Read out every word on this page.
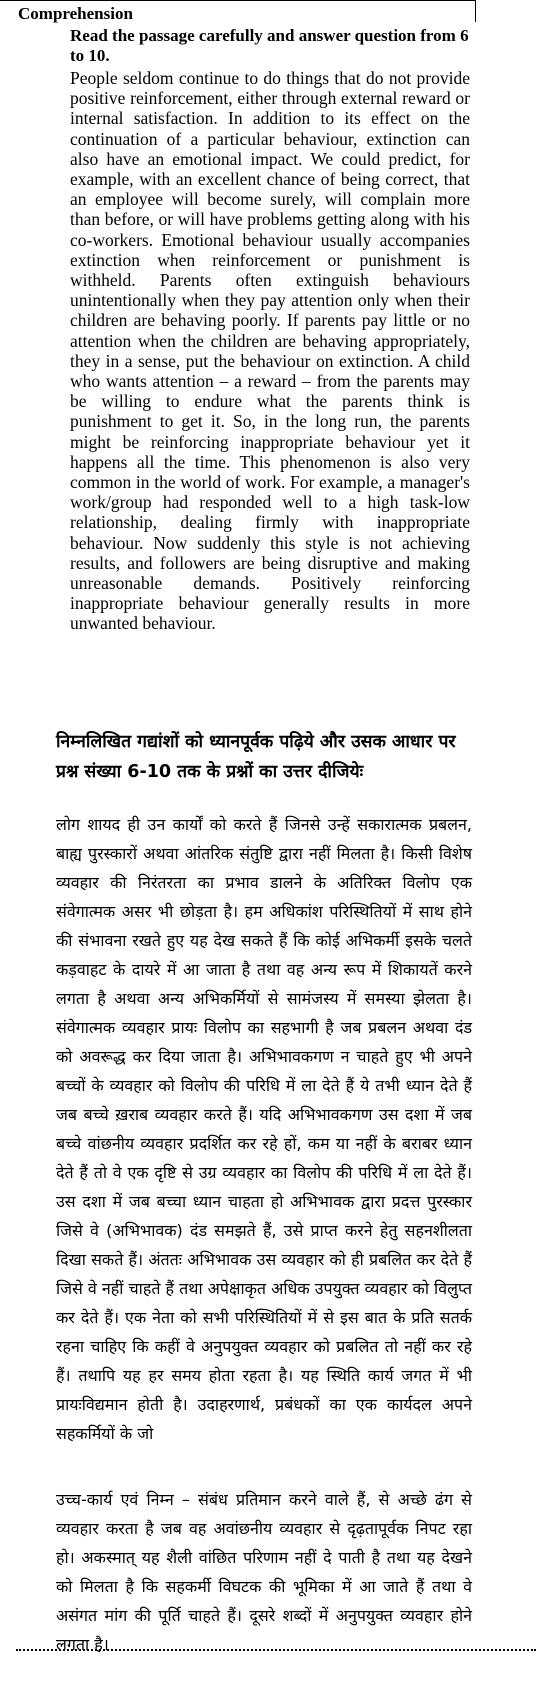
Comprehension

Read the passage carefully and answer question from 6 to 10.

People seldom continue to do things that do not provide positive reinforcement, either through external reward or internal satisfaction. In addition to its effect on the continuation of a particular behaviour, extinction can also have an emotional impact. We could predict, for example, with an excellent chance of being correct, that an employee will become surely, will complain more than before, or will have problems getting along with his co-workers. Emotional behaviour usually accompanies extinction when reinforcement or punishment is withheld. Parents often extinguish behaviours unintentionally when they pay attention only when their children are behaving poorly. If parents pay little or no attention when the children are behaving appropriately, they in a sense, put the behaviour on extinction. A child who wants attention – a reward – from the parents may be willing to endure what the parents think is punishment to get it. So, in the long run, the parents might be reinforcing inappropriate behaviour yet it happens all the time. This phenomenon is also very common in the world of work. For example, a manager's work/group had responded well to a high task-low relationship, dealing firmly with inappropriate behaviour. Now suddenly this style is not achieving results, and followers are being disruptive and making unreasonable demands. Positively reinforcing inappropriate behaviour generally results in more unwanted behaviour.

निम्नलिखित गद्यांशों को ध्यानपूर्वक पढ़िये और उसक आधार पर प्रश्न संख्या 6-10 तक के प्रश्नों का उत्तर दीजियेः

लोग शायद ही उन कार्यों को करते हैं जिनसे उन्हें सकारात्मक प्रबलन, बाह्य पुरस्कारों अथवा आंतरिक संतुष्टि द्वारा नहीं मिलता है। किसी विशेष व्यवहार की निरंतरता का प्रभाव डालने के अतिरिक्त विलोप एक संवेगात्मक असर भी छोड़ता है। हम अधिकांश परिस्थितियों में साथ होने की संभावना रखते हुए यह देख सकते हैं कि कोई अभिकर्मी इसके चलते कड़वाहट के दायरे में आ जाता है तथा वह अन्य रूप में शिकायतें करने लगता है अथवा अन्य अभिकर्मियों से सामंजस्य में समस्या झेलता है। संवेगात्मक व्यवहार प्रायः विलोप का सहभागी है जब प्रबलन अथवा दंड को अवरूद्ध कर दिया जाता है। अभिभावकगण न चाहते हुए भी अपने बच्चों के व्यवहार को विलोप की परिधि में ला देते हैं ये तभी ध्यान देते हैं जब बच्चे ख़राब व्यवहार करते हैं। यदि अभिभावकगण उस दशा में जब बच्चे वांछनीय व्यवहार प्रदर्शित कर रहे हों, कम या नहीं के बराबर ध्यान देते हैं तो वे एक दृष्टि से उग्र व्यवहार का विलोप की परिधि में ला देते हैं। उस दशा में जब बच्चा ध्यान चाहता हो अभिभावक द्वारा प्रदत्त पुरस्कार जिसे वे (अभिभावक) दंड समझते हैं, उसे प्राप्त करने हेतु सहनशीलता दिखा सकते हैं। अंततः अभिभावक उस व्यवहार को ही प्रबलित कर देते हैं जिसे वे नहीं चाहते हैं तथा अपेक्षाकृत अधिक उपयुक्त व्यवहार को विलुप्त कर देते हैं। एक नेता को सभी परिस्थितियों में से इस बात के प्रति सतर्क रहना चाहिए कि कहीं वे अनुपयुक्त व्यवहार को प्रबलित तो नहीं कर रहे हैं। तथापि यह हर समय होता रहता है। यह स्थिति कार्य जगत में भी प्रायःविद्यमान होती है। उदाहरणार्थ, प्रबंधकों का एक कार्यदल अपने सहकर्मियों के जो

उच्च-कार्य एवं निम्न – संबंध प्रतिमान करने वाले हैं, से अच्छे ढंग से व्यवहार करता है जब वह अवांछनीय व्यवहार से दृढ़तापूर्वक निपट रहा हो। अकस्मात् यह शैली वांछित परिणाम नहीं दे पाती है तथा यह देखने को मिलता है कि सहकर्मी विघटक की भूमिका में आ जाते हैं तथा वे असंगत मांग की पूर्ति चाहते हैं। दूसरे शब्दों में अनुपयुक्त व्यवहार होने लगता है।
